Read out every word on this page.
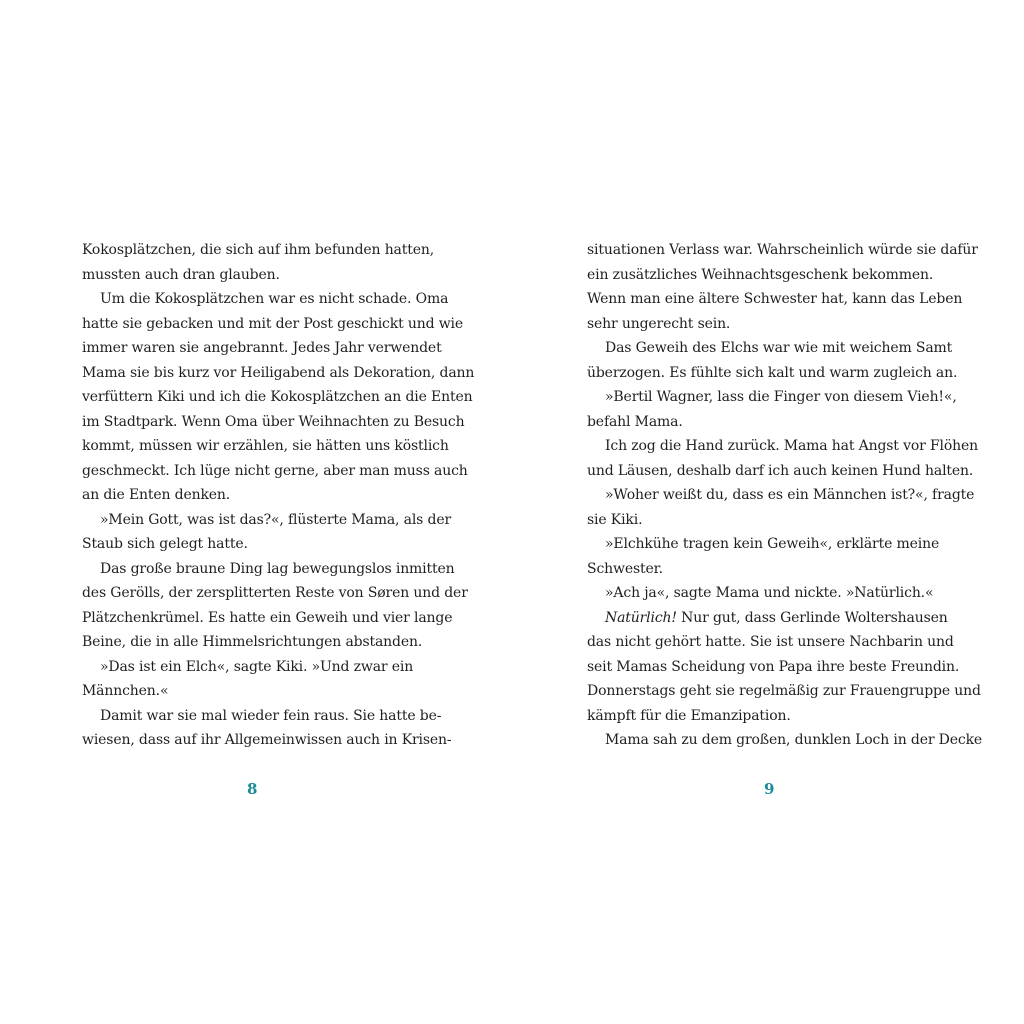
Kokosplätzchen, die sich auf ihm befunden hatten,
mussten auch dran glauben.
Um die Kokosplätzchen war es nicht schade. Oma
hatte sie gebacken und mit der Post geschickt und wie
immer waren sie angebrannt. Jedes Jahr verwendet
Mama sie bis kurz vor Heiligabend als Dekoration, dann
verfüttern Kiki und ich die Kokosplätzchen an die Enten
im Stadtpark. Wenn Oma über Weihnachten zu Besuch
kommt, müssen wir erzählen, sie hätten uns köstlich
geschmeckt. Ich lüge nicht gerne, aber man muss auch
an die Enten denken.
»Mein Gott, was ist das?«, flüsterte Mama, als der
Staub sich gelegt hatte.
Das große braune Ding lag bewegungslos inmitten
des Gerölls, der zersplitterten Reste von Søren und der
Plätzchenkrümel. Es hatte ein Geweih und vier lange
Beine, die in alle Himmelsrichtungen abstanden.
»Das ist ein Elch«, sagte Kiki. »Und zwar ein
Männchen.«
Damit war sie mal wieder fein raus. Sie hatte be-
wiesen, dass auf ihr Allgemeinwissen auch in Krisen-
situationen Verlass war. Wahrscheinlich würde sie dafür
ein zusätzliches Weihnachtsgeschenk bekommen.
Wenn man eine ältere Schwester hat, kann das Leben
sehr ungerecht sein.
Das Geweih des Elchs war wie mit weichem Samt
überzogen. Es fühlte sich kalt und warm zugleich an.
»Bertil Wagner, lass die Finger von diesem Vieh!«,
befahl Mama.
Ich zog die Hand zurück. Mama hat Angst vor Flöhen
und Läusen, deshalb darf ich auch keinen Hund halten.
»Woher weißt du, dass es ein Männchen ist?«, fragte
sie Kiki.
»Elchkühe tragen kein Geweih«, erklärte meine
Schwester.
»Ach ja«, sagte Mama und nickte. »Natürlich.«
Natürlich! Nur gut, dass Gerlinde Woltershausen
das nicht gehört hatte. Sie ist unsere Nachbarin und
seit Mamas Scheidung von Papa ihre beste Freundin.
Donnerstags geht sie regelmäßig zur Frauengruppe und
kämpft für die Emanzipation.
Mama sah zu dem großen, dunklen Loch in der Decke
8	9
